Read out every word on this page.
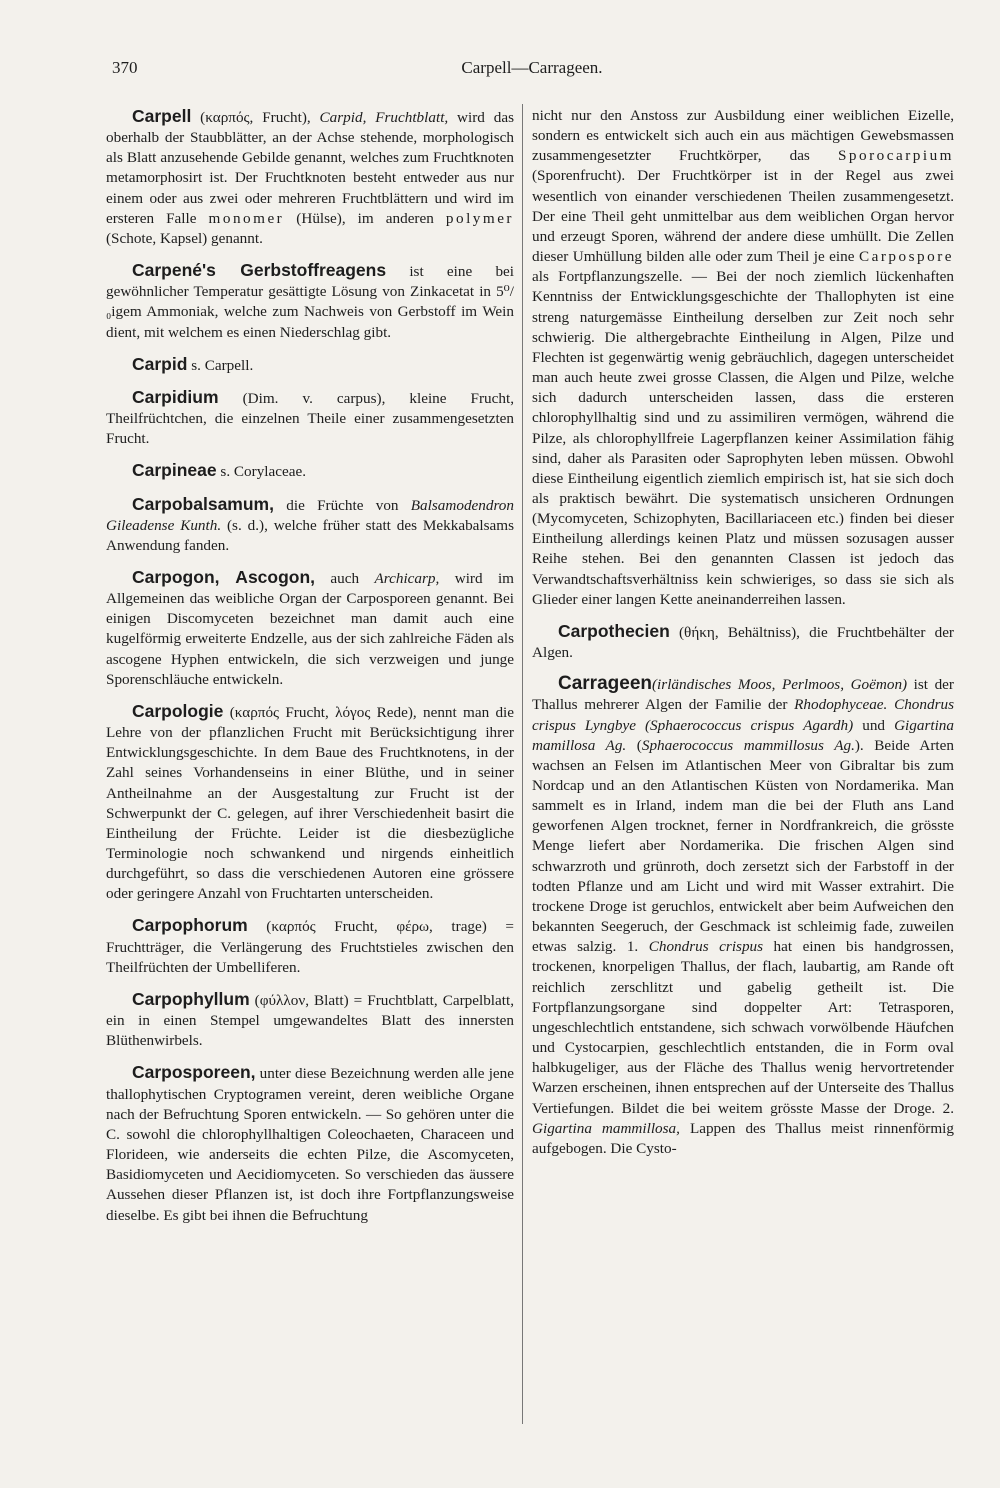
370	Carpell—Carrageen.

Carpell (καρπός, Frucht), Carpid, Fruchtblatt, wird das oberhalb der Staubblätter, an der Achse stehende, morphologisch als Blatt anzusehende Gebilde genannt, welches zum Fruchtknoten metamorphosirt ist. Der Fruchtknoten besteht entweder aus nur einem oder aus zwei oder mehreren Fruchtblättern und wird im ersteren Falle monomer (Hülse), im anderen polymer (Schote, Kapsel) genannt.

Carpené's Gerbstoffreagens ist eine bei gewöhnlicher Temperatur gesättigte Lösung von Zinkacetat in 5⁰/₀igem Ammoniak, welche zum Nachweis von Gerbstoff im Wein dient, mit welchem es einen Niederschlag gibt.

Carpid s. Carpell.

Carpidium (Dim. v. carpus), kleine Frucht, Theilfrüchtchen, die einzelnen Theile einer zusammengesetzten Frucht.

Carpineae s. Corylaceae.

Carpobalsamum, die Früchte von Balsamodendron Gileadense Kunth. (s. d.), welche früher statt des Mekkabalsams Anwendung fanden.

Carpogon, Ascogon, auch Archicarp, wird im Allgemeinen das weibliche Organ der Carposporeen genannt. Bei einigen Discomyceten bezeichnet man damit auch eine kugelförmig erweiterte Endzelle, aus der sich zahlreiche Fäden als ascogene Hyphen entwickeln, die sich verzweigen und junge Sporenschläuche entwickeln.

Carpologie (καρπός Frucht, λόγος Rede), nennt man die Lehre von der pflanzlichen Frucht mit Berücksichtigung ihrer Entwicklungsgeschichte. In dem Baue des Fruchtknotens, in der Zahl seines Vorhandenseins in einer Blüthe, und in seiner Antheilnahme an der Ausgestaltung zur Frucht ist der Schwerpunkt der C. gelegen, auf ihrer Verschiedenheit basirt die Eintheilung der Früchte. Leider ist die diesbezügliche Terminologie noch schwankend und nirgends einheitlich durchgeführt, so dass die verschiedenen Autoren eine grössere oder geringere Anzahl von Fruchtarten unterscheiden.

Carpophorum (καρπός Frucht, φέρω, trage) = Fruchtträger, die Verlängerung des Fruchtstieles zwischen den Theilfrüchten der Umbelliferen.

Carpophyllum (φύλλον, Blatt) = Fruchtblatt, Carpelblatt, ein in einen Stempel umgewandeltes Blatt des innersten Blüthenwirbels.

Carposporeen, unter diese Bezeichnung werden alle jene thallophytischen Cryptogramen vereint, deren weibliche Organe nach der Befruchtung Sporen entwickeln. — So gehören unter die C. sowohl die chlorophyllhaltigen Coleochaeten, Characeen und Florideen, wie anderseits die echten Pilze, die Ascomyceten, Basidiomyceten und Aecidiomyceten. So verschieden das äussere Aussehen dieser Pflanzen ist, ist doch ihre Fortpflanzungsweise dieselbe. Es gibt bei ihnen die Befruchtung

nicht nur den Anstoss zur Ausbildung einer weiblichen Eizelle, sondern es entwickelt sich auch ein aus mächtigen Gewebsmassen zusammengesetzter Fruchtkörper, das Sporocarpium (Sporenfrucht). Der Fruchtkörper ist in der Regel aus zwei wesentlich von einander verschiedenen Theilen zusammengesetzt. Der eine Theil geht unmittelbar aus dem weiblichen Organ hervor und erzeugt Sporen, während der andere diese umhüllt. Die Zellen dieser Umhüllung bilden alle oder zum Theil je eine Carpospore als Fortpflanzungszelle. — Bei der noch ziemlich lückenhaften Kenntniss der Entwicklungsgeschichte der Thallophyten ist eine streng naturgemässe Eintheilung derselben zur Zeit noch sehr schwierig. Die althergebrachte Eintheilung in Algen, Pilze und Flechten ist gegenwärtig wenig gebräuchlich, dagegen unterscheidet man auch heute zwei grosse Classen, die Algen und Pilze, welche sich dadurch unterscheiden lassen, dass die ersteren chlorophyllhaltig sind und zu assimiliren vermögen, während die Pilze, als chlorophyllfreie Lagerpflanzen keiner Assimilation fähig sind, daher als Parasiten oder Saprophyten leben müssen. Obwohl diese Eintheilung eigentlich ziemlich empirisch ist, hat sie sich doch als praktisch bewährt. Die systematisch unsicheren Ordnungen (Mycomyceten, Schizophyten, Bacillariaceen etc.) finden bei dieser Eintheilung allerdings keinen Platz und müssen sozusagen ausser Reihe stehen. Bei den genannten Classen ist jedoch das Verwandtschaftsverhältniss kein schwieriges, so dass sie sich als Glieder einer langen Kette aneinanderreihen lassen.

Carpothecien (θήκη, Behältniss), die Fruchtbehälter der Algen.

Carrageen(irländisches Moos, Perlmoos, Goëmon) ist der Thallus mehrerer Algen der Familie der Rhodophyceae. Chondrus crispus Lyngbye (Sphaerococcus crispus Agardh) und Gigartina mamillosa Ag. (Sphaerococcus mammillosus Ag.). Beide Arten wachsen an Felsen im Atlantischen Meer von Gibraltar bis zum Nordcap und an den Atlantischen Küsten von Nordamerika. Man sammelt es in Irland, indem man die bei der Fluth ans Land geworfenen Algen trocknet, ferner in Nordfrankreich, die grösste Menge liefert aber Nordamerika. Die frischen Algen sind schwarzroth und grünroth, doch zersetzt sich der Farbstoff in der todten Pflanze und am Licht und wird mit Wasser extrahirt. Die trockene Droge ist geruchlos, entwickelt aber beim Aufweichen den bekannten Seegeruch, der Geschmack ist schleimig fade, zuweilen etwas salzig. 1. Chondrus crispus hat einen bis handgrossen, trockenen, knorpeligen Thallus, der flach, laubartig, am Rande oft reichlich zerschlitzt und gabelig getheilt ist. Die Fortpflanzungsorgane sind doppelter Art: Tetrasporen, ungeschlechtlich entstandene, sich schwach vorwölbende Häufchen und Cystocarpien, geschlechtlich entstanden, die in Form oval halbkugeliger, aus der Fläche des Thallus wenig hervortretender Warzen erscheinen, ihnen entsprechen auf der Unterseite des Thallus Vertiefungen. Bildet die bei weitem grösste Masse der Droge. 2. Gigartina mammillosa, Lappen des Thallus meist rinnenförmig aufgebogen. Die Cysto-
